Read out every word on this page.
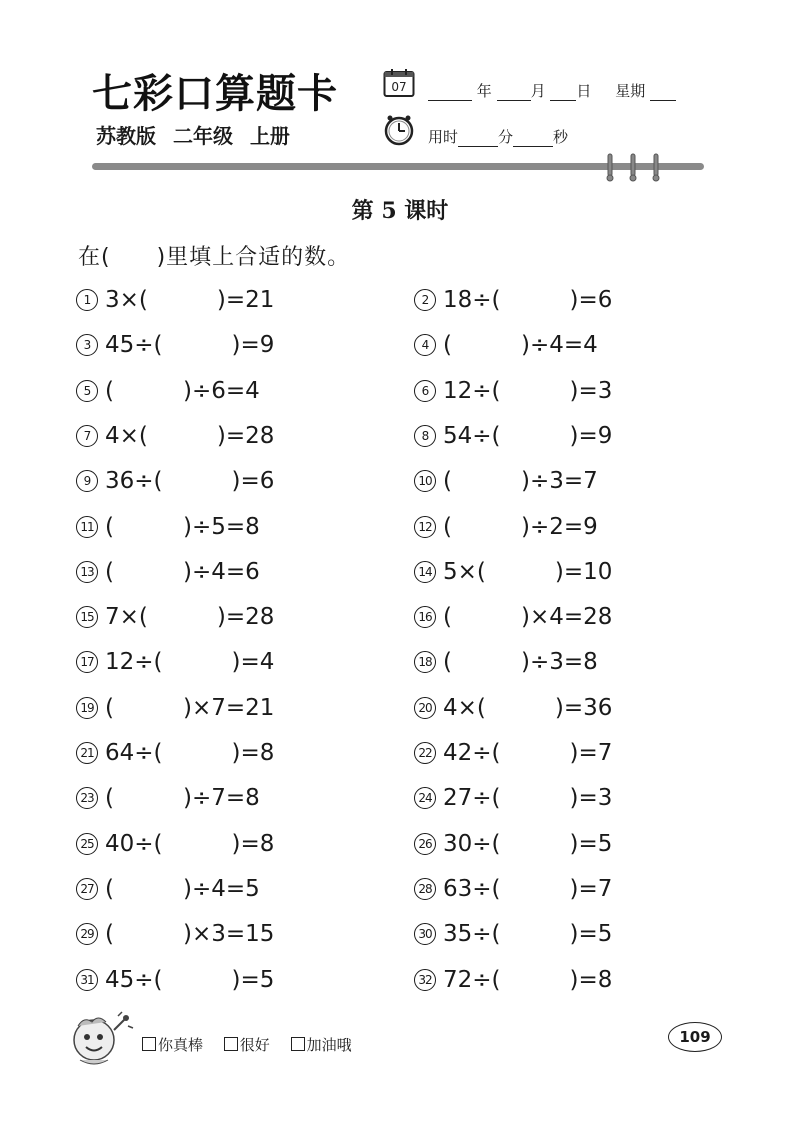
七彩口算题卡
苏教版 二年级 上册
07	年	月 日 星期
用时	分	秒
第 5 课时
在(　　)里填上合适的数。
1 3×(　　　)=21	2 18÷(　　　)=6
3 45÷(　　　)=9	4 (　　　)÷4=4
5 (　　　)÷6=4	6 12÷(　　　)=3
7 4×(　　　)=28	8 54÷(　　　)=9
9 36÷(　　　)=6	10 (　　　)÷3=7
11 (　　　)÷5=8	12 (　　　)÷2=9
13 (　　　)÷4=6	14 5×(　　　)=10
15 7×(　　　)=28	16 (　　　)×4=28
17 12÷(　　　)=4	18 (　　　)÷3=8
19 (　　　)×7=21	20 4×(　　　)=36
21 64÷(　　　)=8	22 42÷(　　　)=7
23 (　　　)÷7=8	24 27÷(　　　)=3
25 40÷(　　　)=8	26 30÷(　　　)=5
27 (　　　)÷4=5	28 63÷(　　　)=7
29 (　　　)×3=15	30 35÷(　　　)=5
31 45÷(　　　)=5	32 72÷(　　　)=8
你真棒 很好 加油哦	109
